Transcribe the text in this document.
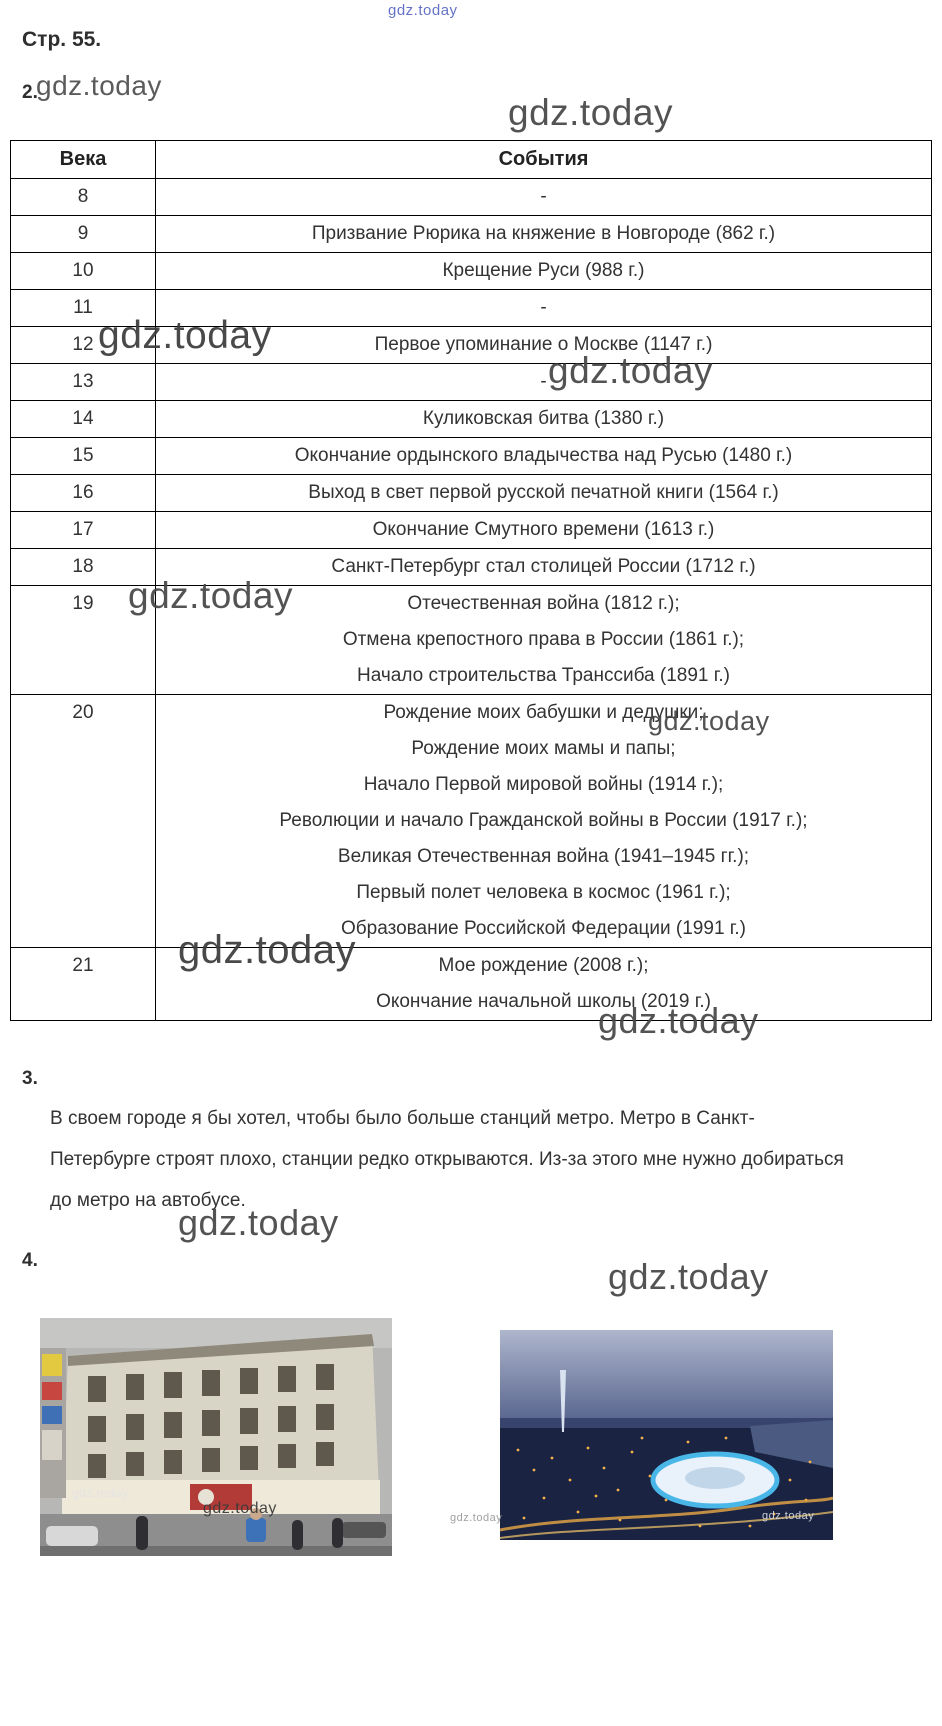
Стр. 55.
2.
3.
4.
Века	События
8	-

9	Призвание Рюрика на княжение в Новгороде (862 г.)

10	Крещение Руси (988 г.)

11	-

12	Первое упоминание о Москве (1147 г.)

13	-

14	Куликовская битва (1380 г.)

15	Окончание ордынского владычества над Русью (1480 г.)

16	Выход в свет первой русской печатной книги (1564 г.)

17	Окончание Смутного времени (1613 г.)

18	Санкт-Петербург стал столицей России (1712 г.)

19	Отечественная война (1812 г.);
Отмена крепостного права в России (1861 г.);
Начало строительства Транссиба (1891 г.)

20	Рождение моих бабушки и дедушки;
Рождение моих мамы и папы;
Начало Первой мировой войны (1914 г.);
Революции и начало Гражданской войны в России (1917 г.);
Великая Отечественная война (1941–1945 гг.);
Первый полет человека в космос (1961 г.);
Образование Российской Федерации (1991 г.)

21	Мое рождение (2008 г.);
Окончание начальной школы (2019 г.)
В своем городе я бы хотел, чтобы было больше станций метро. Метро в Санкт-Петербурге строят плохо, станции редко открываются. Из-за этого мне нужно добираться до метро на автобусе.
gdz.today
gdz.today
gdz.today
gdz.today
gdz.today
gdz.today
gdz.today
gdz.today
gdz.today
gdz.today
gdz.today
gdz.today
gdz.today
gdz.today	gdz.today
